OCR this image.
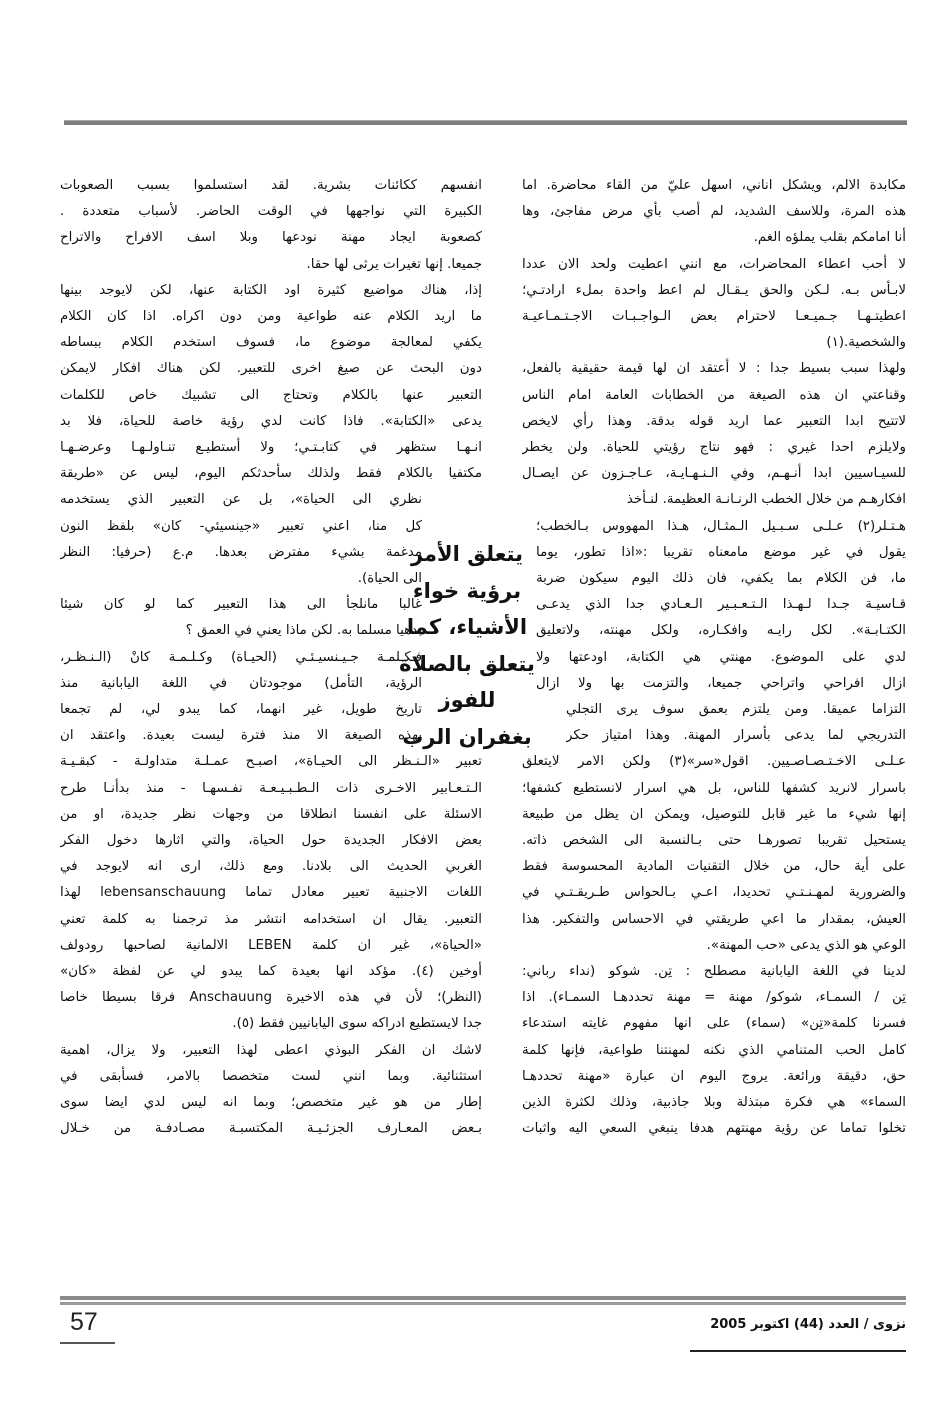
مكابدة الالم، ويشكل اناني، اسهل عليّ من القاء محاضرة. اما
هذه المرة، وللاسف الشديد، لم أصب بأي مرض مفاجئ، وها
أنا امامكم بقلب يملؤه الغم.
لا أحب اعطاء المحاضرات، مع انني اعطيت ولحد الان عددا
لابـأس بـه. لـكن والحق يـقـال لم اعط واحدة بملء ارادتـي؛
اعطيتـهـا جـميـعـا لاحترام بعض الـواجـبـات الاجـتـمـاعيـة
والشخصية.(١)
ولهذا سبب بسيط جدا : لا أعتقد ان لها قيمة حقيقية بالفعل،
وقناعتي ان هذه الصيغة من الخطابات العامة امام الناس
لاتتيح ابدا التعبير عما اريد قوله بدقة. وهذا رأي لايخص
ولايلزم احدا غيري : فهو نتاج رؤيتي للحياة. ولن يخطر
للسيـاسيين ابدا أنـهـم، وفي الـنـهـايـة، عـاجـزون عن ايصـال
افكارهـم من خلال الخطب الرنـانـة العظيمة. لنـأخذ
هـتـلر(٢) عـلـى سـبـيل الـمثـال، هـذا المهووس بـالخطب؛
يقول في غير موضع مامعناه تقريبا :«اذا تطور، يوما
ما، فن الكلام بما يكفي، فان ذلك اليوم سيكون ضربة
قـاسيـة جـدا لـهـذا الـتـعـبـير الـعـادي جدا الذي يدعـى
الكتـابـة». لكل رايـه وافكـاره، ولكل مهنته، ولاتعليق
لدي على الموضوع. مهنتي هي الكتابة، اودعتها ولا
ازال افراحي واتراحي جميعا، والتزمت بها ولا ازال
التزاما عميقا. ومن يلتزم بعمق سوف يرى التجلي
التدريجي لما يدعى بأسرار المهنة. وهذا امتياز حكر
عـلـى الاخـتـصـاصـيين. اقول«سر»(٣) ولكن الامر لايتعلق
باسرار لانريد كشفها للناس، بل هي اسرار لانستطيع كشفها؛
إنها شيء ما غير قابل للتوصيل، ويمكن ان يظل من طبيعة
يستحيل تقريبا تصورهـا حتى بـالنسبة الى الشخص ذاته.
على أية حال، من خلال التقنيات المادية المحسوسة فقط
والضرورية لمهـنـتـي تحديدا، اعـي بـالحواس طـريقـتـي في
العيش، بمقدار ما اعي طريقتي في الاحساس والتفكير. هذا
الوعي هو الذي يدعى «حب المهنة».
لدينا في اللغة اليابانية مصطلح : تِن. شوكو (نداء رباني:
تِن / السمـاء، شوكو/ مهنة = مهنة تحددهـا السمـاء). اذا
فسرنا كلمة«تِن» (سماء) على انها مفهوم غايته استدعاء
كامل الحب المتنامي الذي نكنه لمهنتنا طواعية، فإنها كلمة
حق، دقيقة ورائعة. يروج اليوم ان عبارة «مهنة تحددهـا
السماء» هي فكرة مبتذلة وبلا جاذبية، وذلك لكثرة الذين
تخلوا تماما عن رؤية مهنتهم هدفا ينبغي السعي اليه واثبات
انفسهم ككائنات بشرية. لقد استسلموا بسبب الصعوبات
الكبيرة التي نواجهها في الوقت الحاضر. لأسباب متعددة .
كصعوبة ايجاد مهنة نودعها وبلا اسف الافراح والاتراح
جميعا. إنها تغيرات يرثى لها حقا.
إذا، هناك مواضيع كثيرة اود الكتابة عنها، لكن لايوجد بينها
ما اريد الكلام عنه طواعية ومن دون اكراه. اذا كان الكلام
يكفي لمعالجة موضوع ما، فسوف استخدم الكلام ببساطه
دون البحث عن صيغ اخرى للتعبير. لكن هناك افكار لايمكن
التعبير عنها بالكلام وتحتاج الى تشبيك خاص للكلمات
يدعى «الكتابة». فاذا كانت لدي رؤية خاصة للحياة، فلا بد
انـهـا ستظهر في كتابـتـي؛ ولا أستطيـع تنـاولـهـا وعرضـهـا
مكتفيا بالكلام فقط ولذلك سأحدثكم اليوم، ليس عن «طريقة
نظري الى الحياة»، بل عن التعبير الذي يستخدمه
كل منا، اعني تعبير «جينسيئي- كان» بلفظ النون
مدغمة بشيء مفترض بعدها. م.ع (حرفيا: النظر
الى الحياة).
غالبا مانلجأ الى هذا التعبير كما لو كان شيئا
بدهيا مسلما به. لكن ماذا يعني في العمق ؟
فـكـلمـة جـيـنسيـئـي (الحيـاة) وكـلـمـة كانْ (الـنـظـر،
الرؤية، التأمل) موجودتان في اللغة اليابانية منذ
تاريخ طويل، غير انهما، كما يبدو لي، لم تجمعا
بهذه الصيغة الا منذ فترة ليست بعيدة. واعتقد ان
تعبير «الـنـظر الى الحيـاة»، اصبـح عمـلـة متداولـة - كبقـيـة
الـتـعـابير الاخـرى ذات الـطـبـيـعـة نفـسهـا - منذ بدأنـا طرح
الاسئلة على انفسنا انطلاقا من وجهات نظر جديدة، او من
بعض الافكار الجديدة حول الحياة، والتي اثارها دخول الفكر
الغربي الحديث الى بلادنا. ومع ذلك، ارى انه لايوجد في
اللغات الاجنبية تعبير معادل تماما lebensanschauung لهذا
التعبير. يقال ان استخدامه انتشر مذ ترجمنا به كلمة تعني
«الحياة»، غير ان كلمة LEBEN الالمانية لصاحبها رودولف
أوخين (٤). مؤكد انها بعيدة كما يبدو لي عن لفظة «كان»
(النظر)؛ لأن في هذه الاخيرة Anschauung فرقا بسيطا خاصا
جدا لايستطيع ادراكه سوى اليابانيين فقط (٥).
لاشك ان الفكر البوذي اعطى لهذا التعبير، ولا يزال، اهمية
استثنائية. وبما انني لست متخصصا بالامر، فسأبقى في
إطار من هو غير متخصص؛ وبما انه ليس لدي ايضا سوى
بـعض المعـارف الجزئـيـة المكتسبـة مصـادفـة من خـلال
يتعلق الأمر
برؤية خواء
الأشياء، كما
يتعلق بالصلاة
للفوز
بغفران الرب
57	نزوى / العدد (44) اكتوبر 2005
